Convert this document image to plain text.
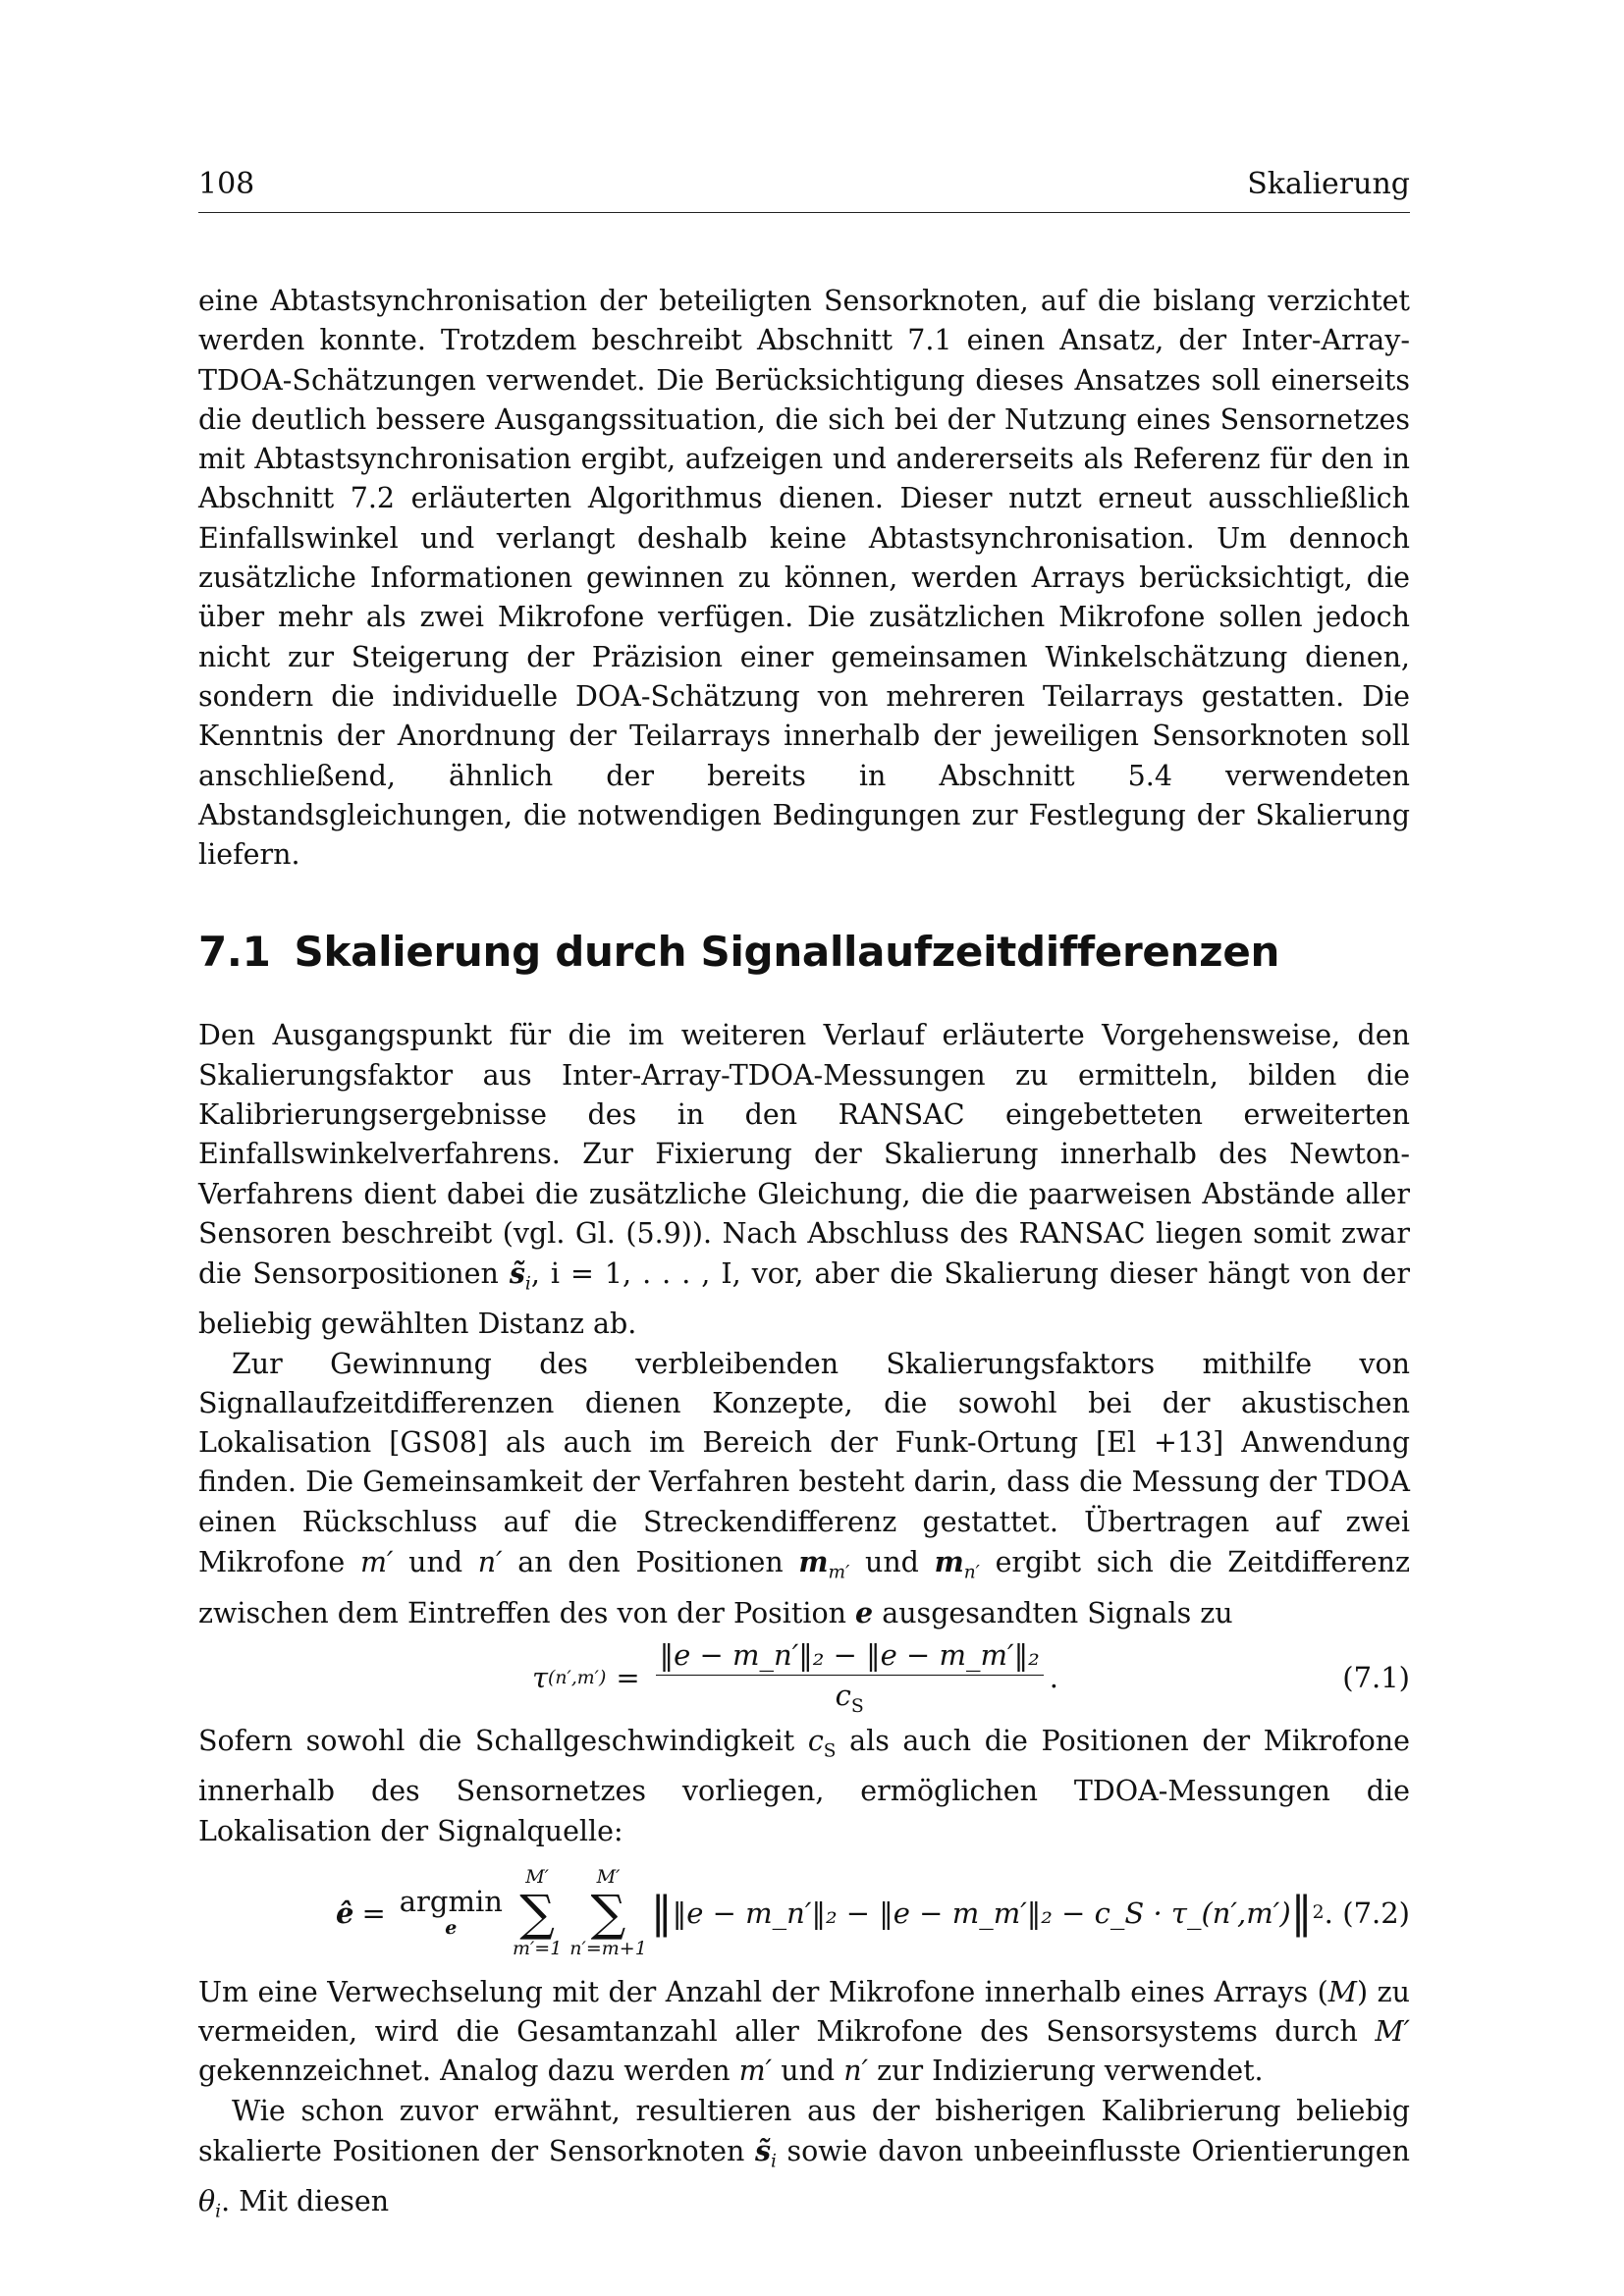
108	Skalierung

eine Abtastsynchronisation der beteiligten Sensorknoten, auf die bislang verzichtet werden konnte. Trotzdem beschreibt Abschnitt 7.1 einen Ansatz, der Inter-Array-TDOA-Schätzungen verwendet. Die Berücksichtigung dieses Ansatzes soll einerseits die deutlich bessere Ausgangssituation, die sich bei der Nutzung eines Sensornetzes mit Abtastsynchronisation ergibt, aufzeigen und andererseits als Referenz für den in Abschnitt 7.2 erläuterten Algorithmus dienen. Dieser nutzt erneut ausschließlich Einfallswinkel und verlangt deshalb keine Abtastsynchronisation. Um dennoch zusätzliche Informationen gewinnen zu können, werden Arrays berücksichtigt, die über mehr als zwei Mikrofone verfügen. Die zusätzlichen Mikrofone sollen jedoch nicht zur Steigerung der Präzision einer gemeinsamen Winkelschätzung dienen, sondern die individuelle DOA-Schätzung von mehreren Teilarrays gestatten. Die Kenntnis der Anordnung der Teilarrays innerhalb der jeweiligen Sensorknoten soll anschließend, ähnlich der bereits in Abschnitt 5.4 verwendeten Abstandsgleichungen, die notwendigen Bedingungen zur Festlegung der Skalierung liefern.

7.1 Skalierung durch Signallaufzeitdifferenzen

Den Ausgangspunkt für die im weiteren Verlauf erläuterte Vorgehensweise, den Skalierungsfaktor aus Inter-Array-TDOA-Messungen zu ermitteln, bilden die Kalibrierungsergebnisse des in den RANSAC eingebetteten erweiterten Einfallswinkelverfahrens. Zur Fixierung der Skalierung innerhalb des Newton-Verfahrens dient dabei die zusätzliche Gleichung, die die paarweisen Abstände aller Sensoren beschreibt (vgl. Gl. (5.9)). Nach Abschluss des RANSAC liegen somit zwar die Sensorpositionen $s̃_i$, i = 1, . . . , I, vor, aber die Skalierung dieser hängt von der beliebig gewählten Distanz ab.

Zur Gewinnung des verbleibenden Skalierungsfaktors mithilfe von Signallaufzeitdifferenzen dienen Konzepte, die sowohl bei der akustischen Lokalisation [GS08] als auch im Bereich der Funk-Ortung [El +13] Anwendung finden. Die Gemeinsamkeit der Verfahren besteht darin, dass die Messung der TDOA einen Rückschluss auf die Streckendifferenz gestattet. Übertragen auf zwei Mikrofone m′ und n′ an den Positionen $m_{m'}$ und $m_{n'}$ ergibt sich die Zeitdifferenz zwischen dem Eintreffen des von der Position e ausgesandten Signals zu

τ $(n',m') = \frac{\text{‖e − m\_n′‖₂ − ‖e − m\_m′‖₂}}{c_S}$ .	(7.1)

Sofern sowohl die Schallgeschwindigkeit $c_S$ als auch die Positionen der Mikrofone innerhalb des Sensornetzes vorliegen, ermöglichen TDOA-Messungen die Lokalisation der Signalquelle:

ê = argmin
e
M′
∑
m′=1
M′
∑
n′=m+1
‖ ‖e − m_n′‖₂ − ‖e − m_m′‖₂ − c_S · τ_(n′,m′) ‖ 2 . (7.2)

Um eine Verwechselung mit der Anzahl der Mikrofone innerhalb eines Arrays (M) zu vermeiden, wird die Gesamtanzahl aller Mikrofone des Sensorsystems durch M′ gekennzeichnet. Analog dazu werden m′ und n′ zur Indizierung verwendet.

Wie schon zuvor erwähnt, resultieren aus der bisherigen Kalibrierung beliebig skalierte Positionen der Sensorknoten $s̃_i$ sowie davon unbeeinflusste Orientierungen $\theta_i$. Mit diesen
